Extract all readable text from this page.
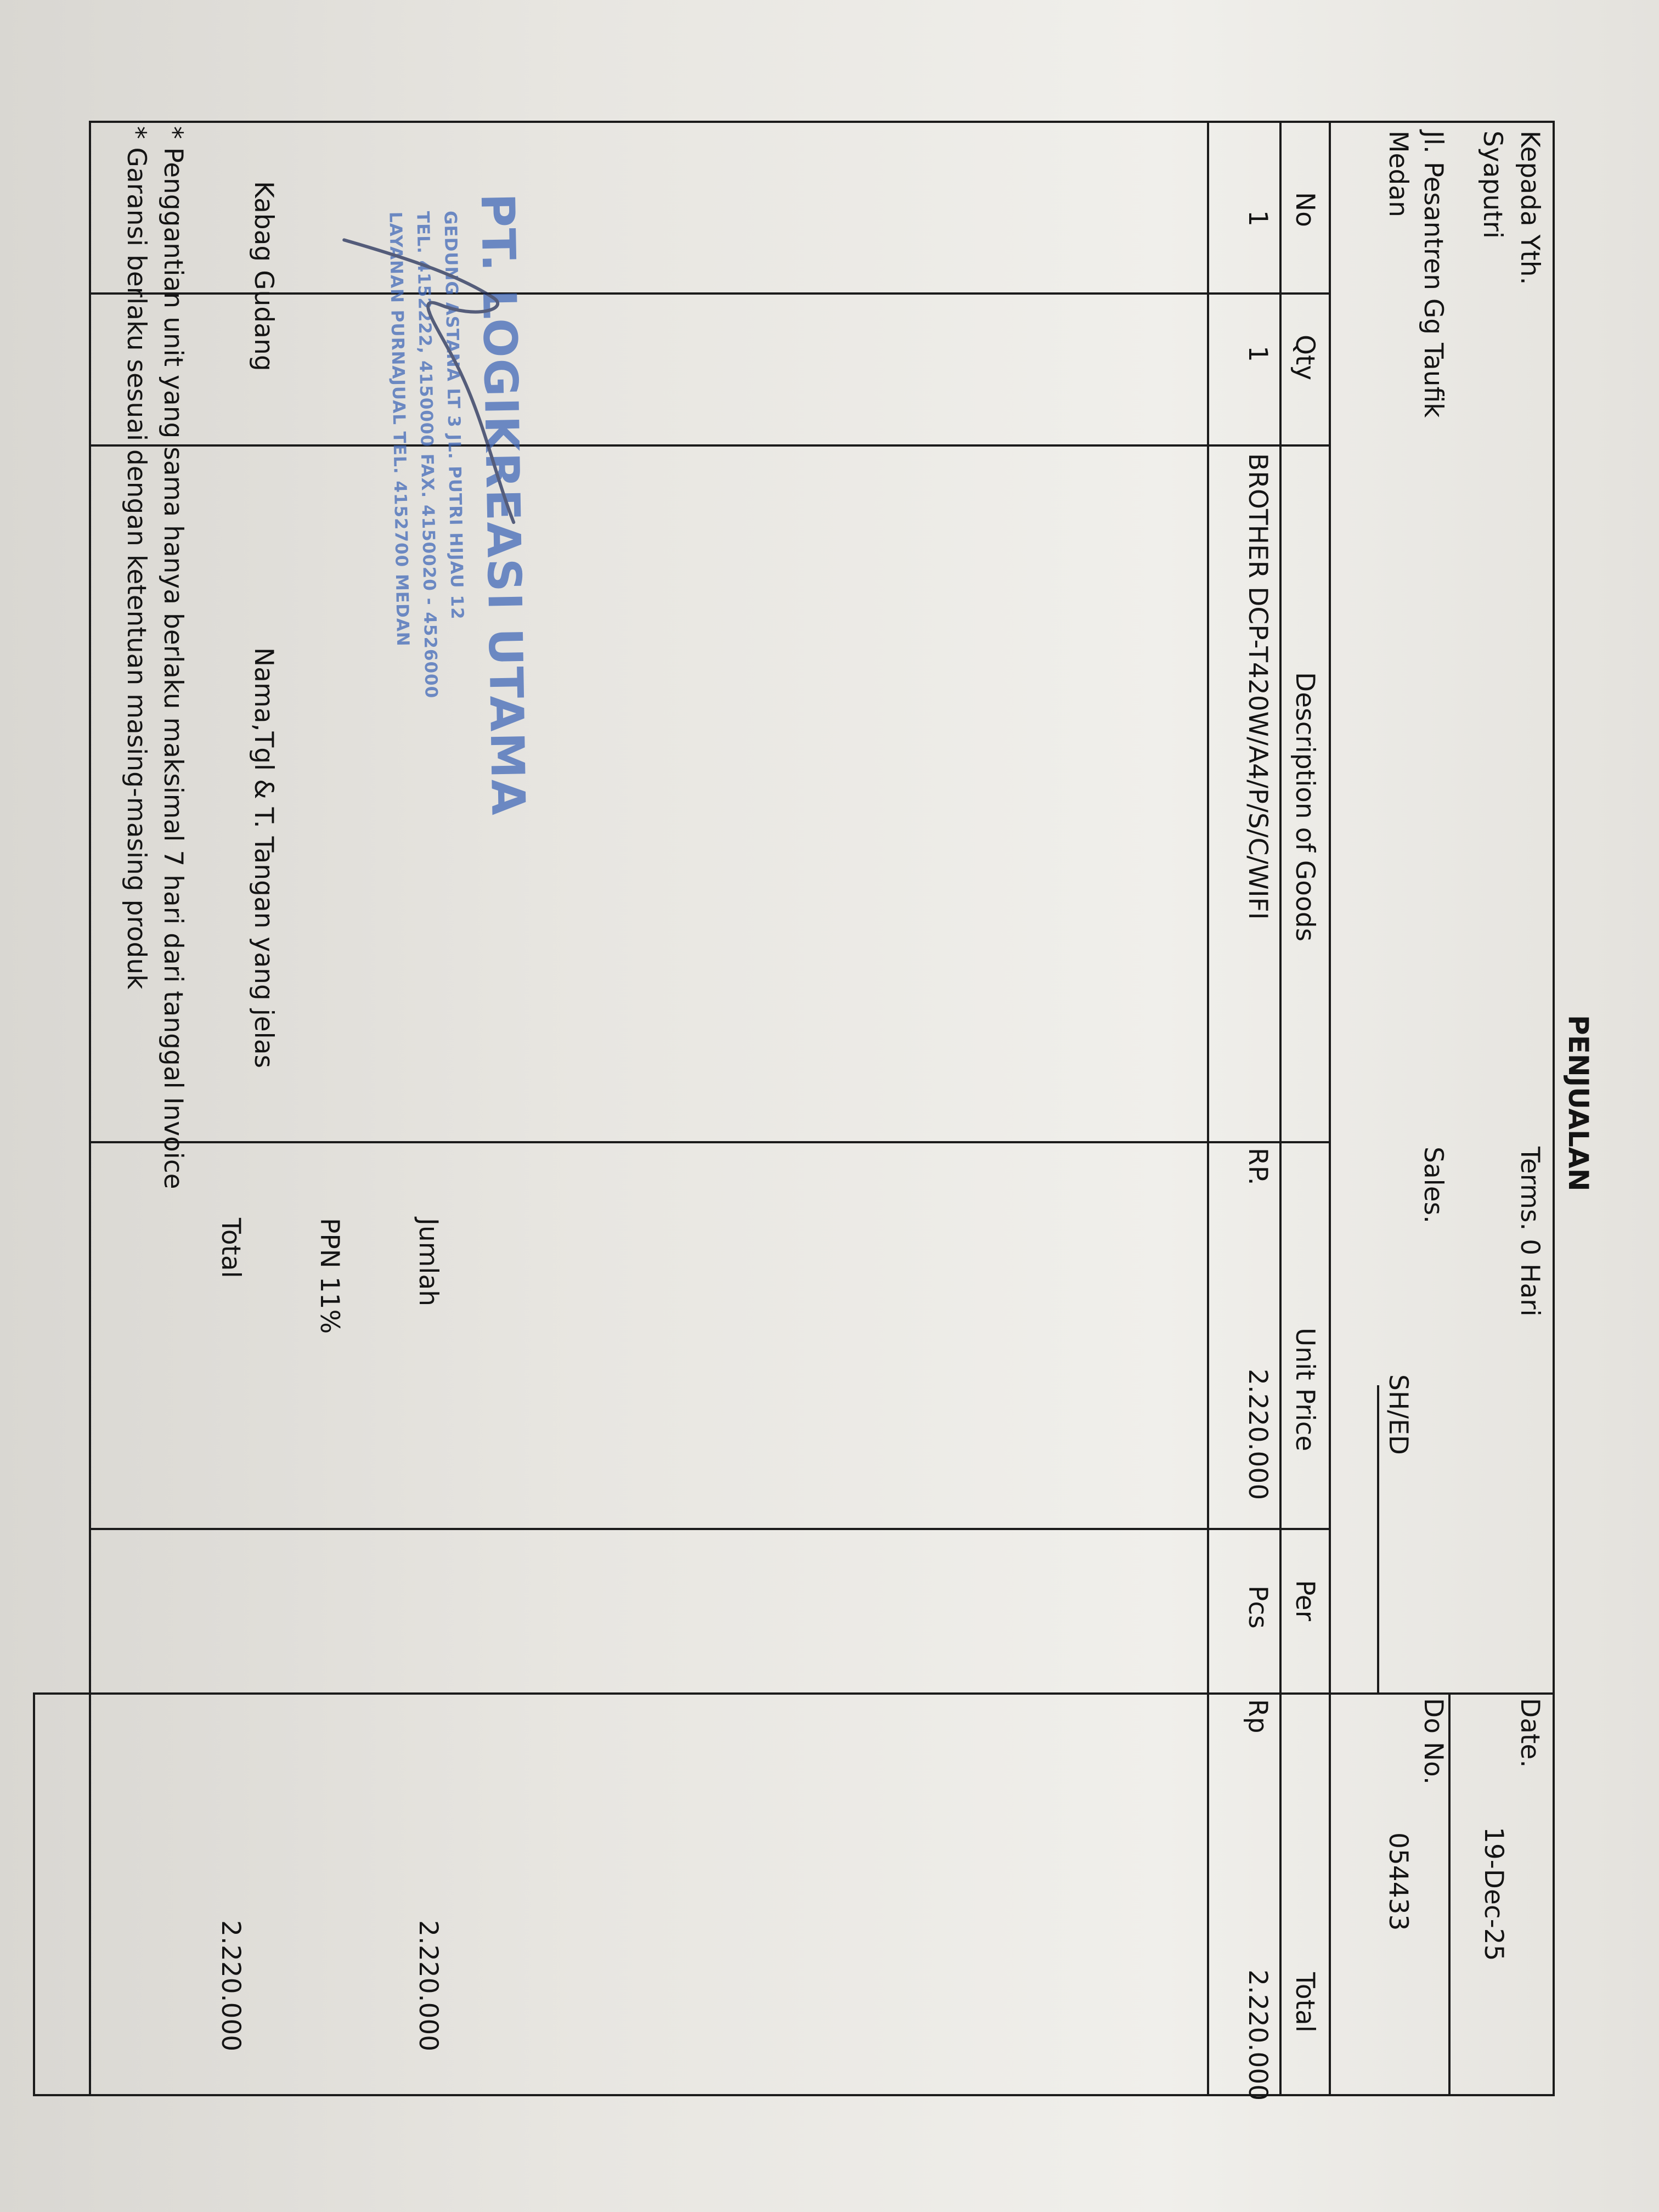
PENJUALAN
Kepada Yth.
Syaputri
Jl. Pesantren Gg Taufik
Medan
Terms. 0 Hari
Sales.
SH/ED
Date.
19-Dec-25
Do No.
054433
No
Qty
Description of Goods
Unit Price
Per
Total
1
1
BROTHER DCP-T420W/A4/P/S/C/WIFI
RP.
2.220.000
Pcs
Rp
2.220.000
Jumlah
PPN 11%
Total
2.220.000
2.220.000
Kabag Gudang
Nama,Tgl & T. Tangan yang jelas
PT. LOGIKREASI UTAMA
GEDUNG ASTANA LT 3 JL. PUTRI HIJAU 12
TEL. 4152222, 4150000 FAX. 4150020 - 4526000
LAYANAN PURNAJUAL TEL. 4152700 MEDAN
* Penggantian unit yang sama hanya berlaku maksimal 7 hari dari tanggal Invoice
* Garansi berlaku sesuai dengan ketentuan masing-masing produk
